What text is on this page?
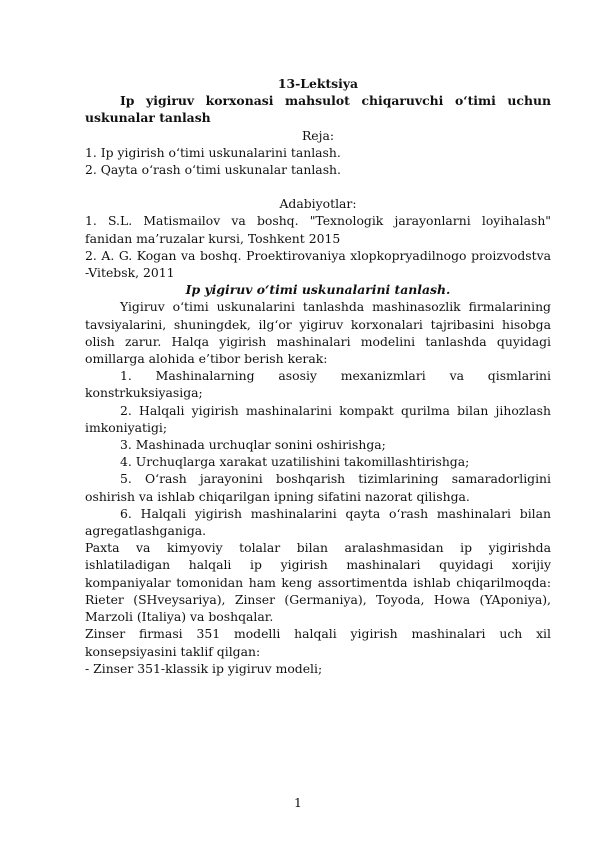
13-Lektsiya

Ip yigiruv korxonasi mahsulot chiqaruvchi o‘timi uchun uskunalar tanlash

Reja:

1. Ip yigirish o‘timi uskunalarini tanlash.

2. Qayta o‘rash o‘timi uskunalar tanlash.

Adabiyotlar:

1. S.L. Matismailov va boshq. "Texnologik jarayonlarni loyihalash" fanidan ma’ruzalar kursi, Toshkent 2015

2. A. G. Kogan va boshq. Proektirovaniya xlopkopryadilnogo proizvodstva -Vitebsk, 2011

Ip yigiruv o‘timi uskunalarini tanlash.

Yigiruv o‘timi uskunalarini tanlashda mashinasozlik firmalarining tavsiyalarini, shuningdek, ilg‘or yigiruv korxonalari tajribasini hisobga olish zarur. Halqa yigirish mashinalari modelini tanlashda quyidagi omillarga alohida e’tibor berish kerak:

1. Mashinalarning asosiy mexanizmlari va qismlarini konstrkuksiyasiga;

2. Halqali yigirish mashinalarini kompakt qurilma bilan jihozlash imkoniyatigi;

3. Mashinada urchuqlar sonini oshirishga;

4. Urchuqlarga xarakat uzatilishini takomillashtirishga;

5. O‘rash jarayonini boshqarish tizimlarining samaradorligini oshirish va ishlab chiqarilgan ipning sifatini nazorat qilishga.

6. Halqali yigirish mashinalarini qayta o‘rash mashinalari bilan agregatlashganiga.

Paxta va kimyoviy tolalar bilan aralashmasidan ip yigirishda ishlatiladigan halqali ip yigirish mashinalari quyidagi xorijiy kompaniyalar tomonidan ham keng assortimentda ishlab chiqarilmoqda: Rieter (SHveysariya), Zinser (Germaniya), Toyoda, Howa (YAponiya), Marzoli (Italiya) va boshqalar.

Zinser firmasi 351 modelli halqali yigirish mashinalari uch xil konsepsiyasini taklif qilgan:

- Zinser 351-klassik ip yigiruv modeli;

1
